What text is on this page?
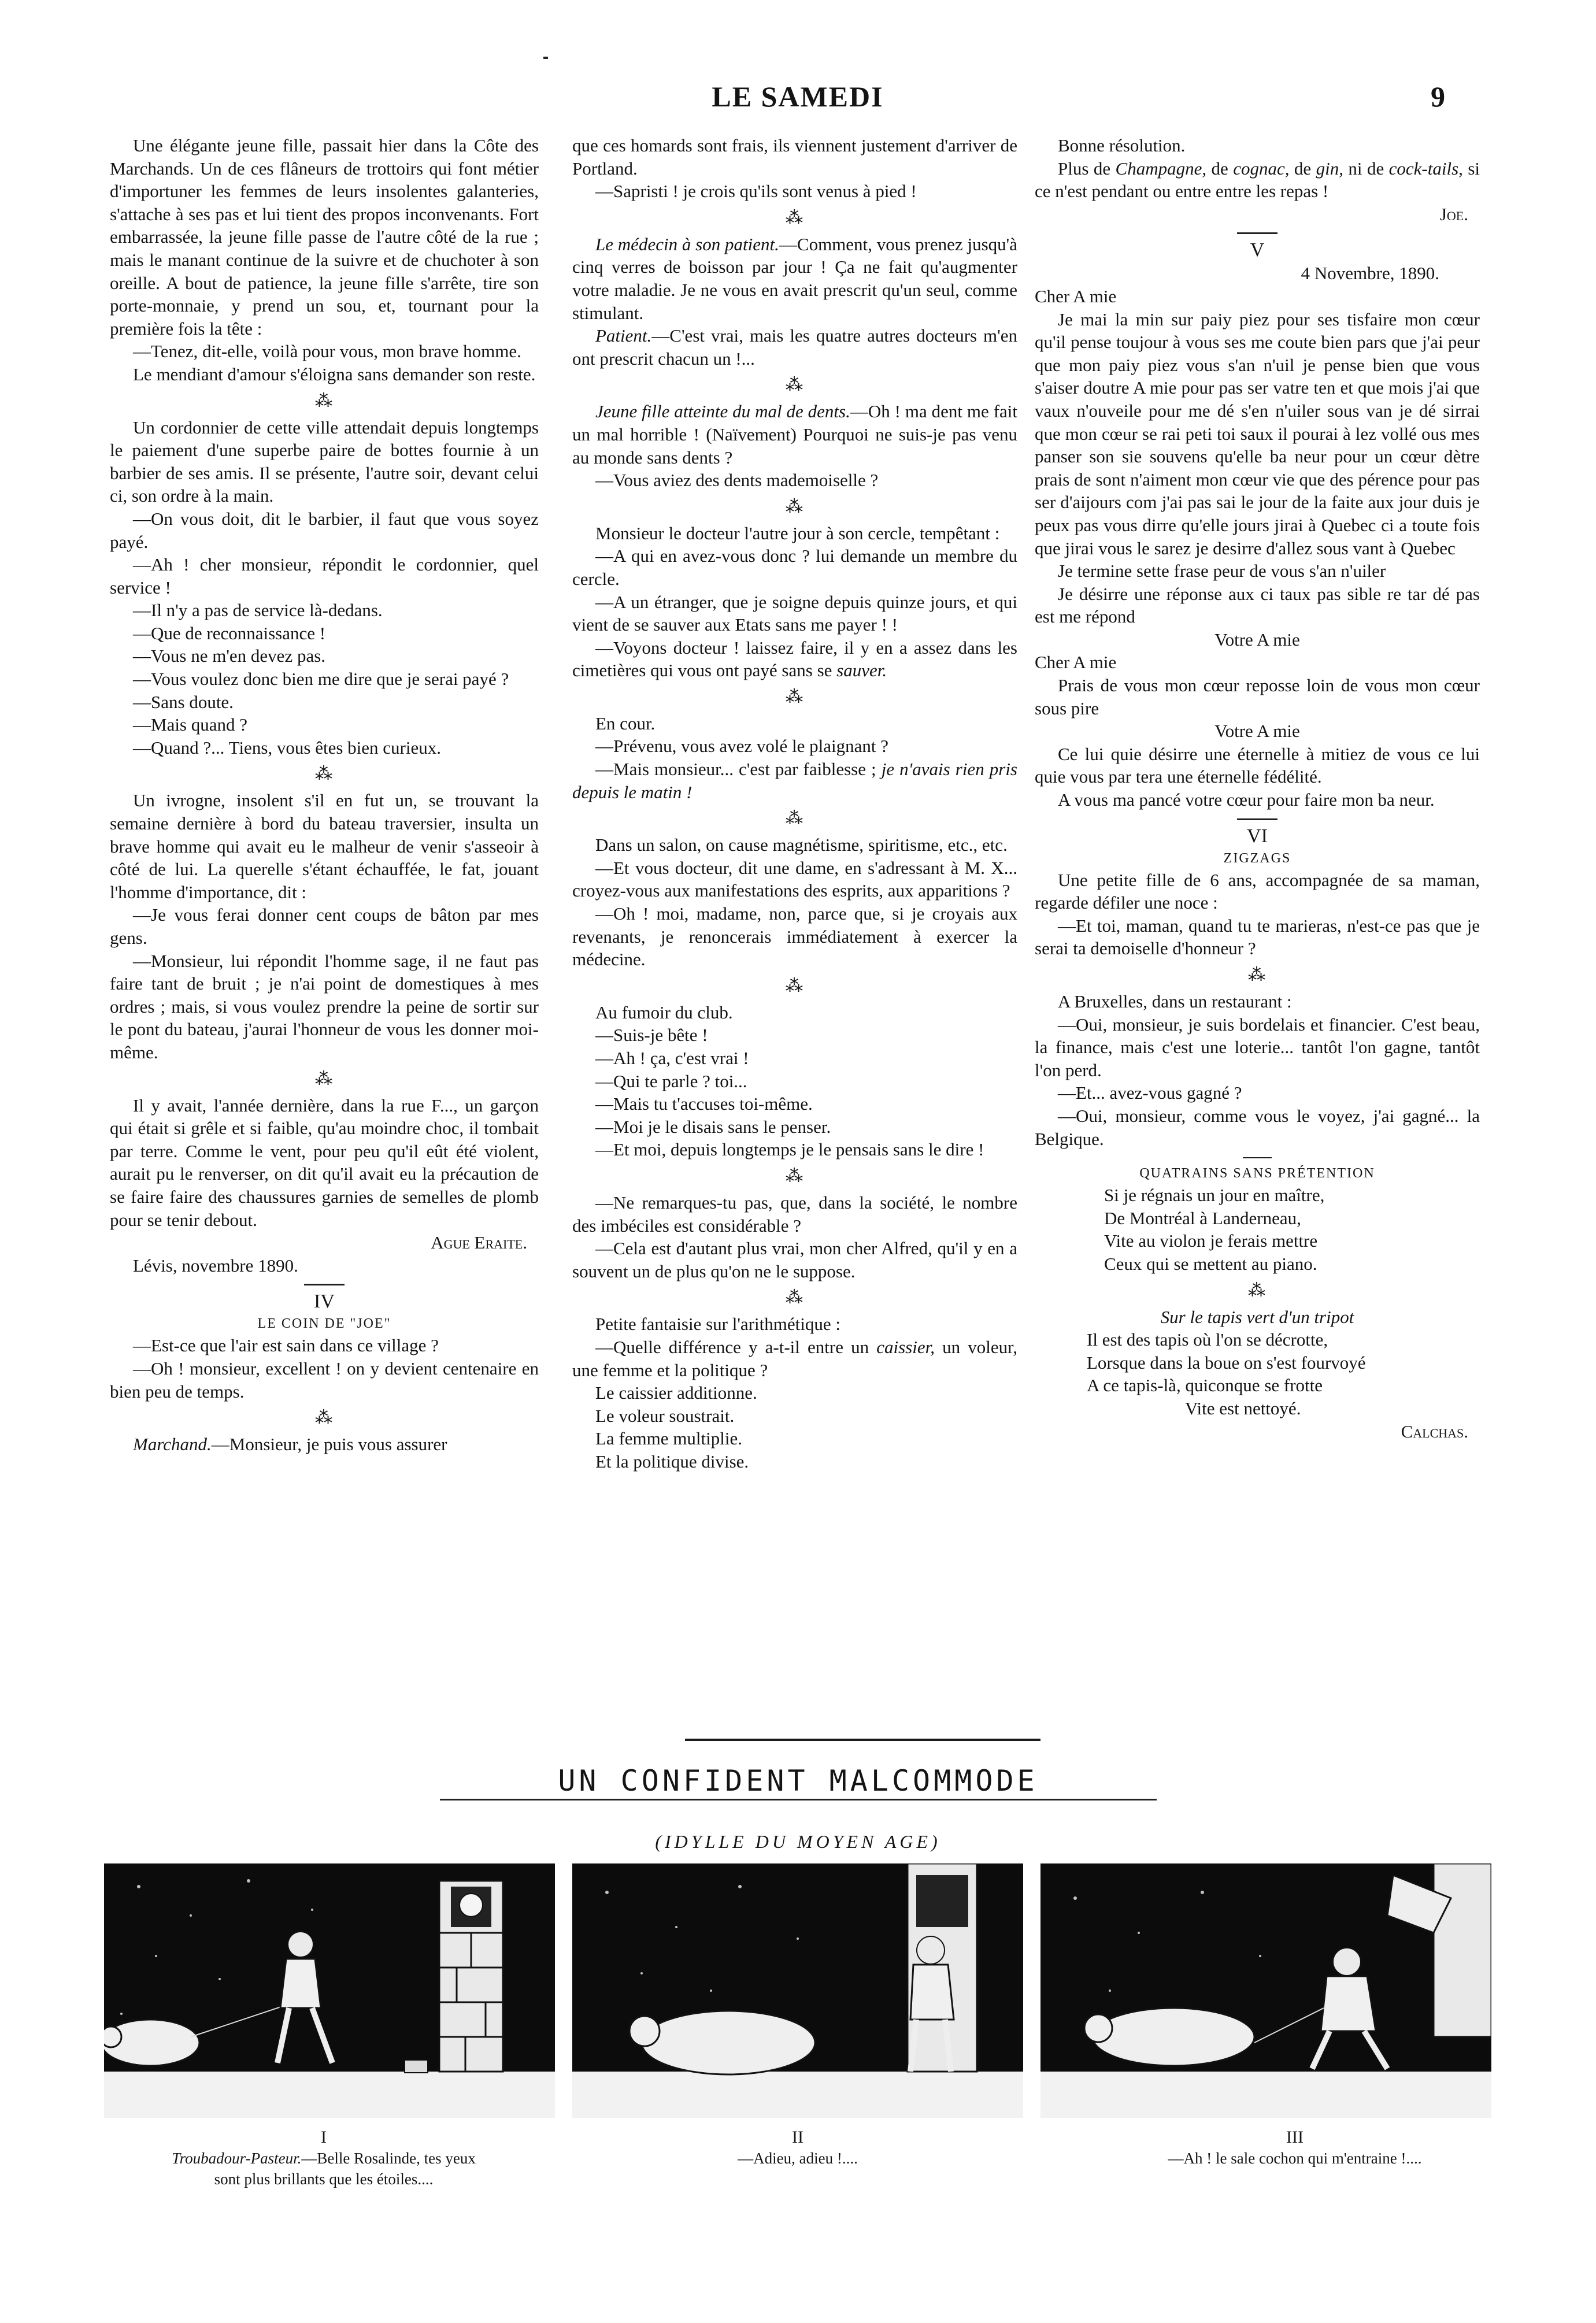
LE SAMEDI	9

Une élégante jeune fille, passait hier dans la Côte des Marchands. Un de ces flâneurs de trottoirs qui font métier d'importuner les femmes de leurs insolentes galanteries, s'attache à ses pas et lui tient des propos inconvenants. Fort embarrassée, la jeune fille passe de l'autre côté de la rue ; mais le manant continue de la suivre et de chuchoter à son oreille. A bout de patience, la jeune fille s'arrête, tire son porte-monnaie, y prend un sou, et, tournant pour la première fois la tête :

—Tenez, dit-elle, voilà pour vous, mon brave homme.

Le mendiant d'amour s'éloigna sans demander son reste.

⁂

Un cordonnier de cette ville attendait depuis longtemps le paiement d'une superbe paire de bottes fournie à un barbier de ses amis. Il se présente, l'autre soir, devant celui ci, son ordre à la main.

—On vous doit, dit le barbier, il faut que vous soyez payé.

—Ah ! cher monsieur, répondit le cordonnier, quel service !

—Il n'y a pas de service là-dedans.

—Que de reconnaissance !

—Vous ne m'en devez pas.

—Vous voulez donc bien me dire que je serai payé ?

—Sans doute.

—Mais quand ?

—Quand ?... Tiens, vous êtes bien curieux.

⁂

Un ivrogne, insolent s'il en fut un, se trouvant la semaine dernière à bord du bateau traversier, insulta un brave homme qui avait eu le malheur de venir s'asseoir à côté de lui. La querelle s'étant échauffée, le fat, jouant l'homme d'importance, dit :

—Je vous ferai donner cent coups de bâton par mes gens.

—Monsieur, lui répondit l'homme sage, il ne faut pas faire tant de bruit ; je n'ai point de domestiques à mes ordres ; mais, si vous voulez prendre la peine de sortir sur le pont du bateau, j'aurai l'honneur de vous les donner moi-même.

⁂

Il y avait, l'année dernière, dans la rue F..., un garçon qui était si grêle et si faible, qu'au moindre choc, il tombait par terre. Comme le vent, pour peu qu'il eût été violent, aurait pu le renverser, on dit qu'il avait eu la précaution de se faire faire des chaussures garnies de semelles de plomb pour se tenir debout.

Ague Eraite.

Lévis, novembre 1890.

IV
LE COIN DE "JOE"

—Est-ce que l'air est sain dans ce village ?

—Oh ! monsieur, excellent ! on y devient centenaire en bien peu de temps.

⁂

Marchand.—Monsieur, je puis vous assurer

que ces homards sont frais, ils viennent justement d'arriver de Portland.

—Sapristi ! je crois qu'ils sont venus à pied !

⁂

Le médecin à son patient.—Comment, vous prenez jusqu'à cinq verres de boisson par jour ! Ça ne fait qu'augmenter votre maladie. Je ne vous en avait prescrit qu'un seul, comme stimulant.

Patient.—C'est vrai, mais les quatre autres docteurs m'en ont prescrit chacun un !...

⁂

Jeune fille atteinte du mal de dents.—Oh ! ma dent me fait un mal horrible ! (Naïvement) Pourquoi ne suis-je pas venu au monde sans dents ?

—Vous aviez des dents mademoiselle ?

⁂

Monsieur le docteur l'autre jour à son cercle, tempêtant :

—A qui en avez-vous donc ? lui demande un membre du cercle.

—A un étranger, que je soigne depuis quinze jours, et qui vient de se sauver aux Etats sans me payer ! !

—Voyons docteur ! laissez faire, il y en a assez dans les cimetières qui vous ont payé sans se sauver.

⁂

En cour.

—Prévenu, vous avez volé le plaignant ?

—Mais monsieur... c'est par faiblesse ; je n'avais rien pris depuis le matin !

⁂

Dans un salon, on cause magnétisme, spiritisme, etc., etc.

—Et vous docteur, dit une dame, en s'adressant à M. X... croyez-vous aux manifestations des esprits, aux apparitions ?

—Oh ! moi, madame, non, parce que, si je croyais aux revenants, je renoncerais immédiatement à exercer la médecine.

⁂

Au fumoir du club.

—Suis-je bête !

—Ah ! ça, c'est vrai !

—Qui te parle ? toi...

—Mais tu t'accuses toi-même.

—Moi je le disais sans le penser.

—Et moi, depuis longtemps je le pensais sans le dire !

⁂

—Ne remarques-tu pas, que, dans la société, le nombre des imbéciles est considérable ?

—Cela est d'autant plus vrai, mon cher Alfred, qu'il y en a souvent un de plus qu'on ne le suppose.

⁂

Petite fantaisie sur l'arithmétique :

—Quelle différence y a-t-il entre un caissier, un voleur, une femme et la politique ?

Le caissier additionne.

Le voleur soustrait.

La femme multiplie.

Et la politique divise.

Bonne résolution.

Plus de Champagne, de cognac, de gin, ni de cock-tails, si ce n'est pendant ou entre entre les repas !

Joe.

V

4 Novembre, 1890.

Cher A mie

Je mai la min sur paiy piez pour ses tisfaire mon cœur qu'il pense toujour à vous ses me coute bien pars que j'ai peur que mon paiy piez vous s'an n'uil je pense bien que vous s'aiser doutre A mie pour pas ser vatre ten et que mois j'ai que vaux n'ouveile pour me dé s'en n'uiler sous van je dé sirrai que mon cœur se rai peti toi saux il pourai à lez vollé ous mes panser son sie souvens qu'elle ba neur pour un cœur dètre prais de sont n'aiment mon cœur vie que des pérence pour pas ser d'aijours com j'ai pas sai le jour de la faite aux jour duis je peux pas vous dirre qu'elle jours jirai à Quebec ci a toute fois que jirai vous le sarez je desirre d'allez sous vant à Quebec

Je termine sette frase peur de vous s'an n'uiler

Je désirre une réponse aux ci taux pas sible re tar dé pas est me répond

Votre A mie

Cher A mie

Prais de vous mon cœur reposse loin de vous mon cœur sous pire

Votre A mie

Ce lui quie désirre une éternelle à mitiez de vous ce lui quie vous par tera une éternelle fédélité.

A vous ma pancé votre cœur pour faire mon ba neur.

VI
ZIGZAGS

Une petite fille de 6 ans, accompagnée de sa maman, regarde défiler une noce :

—Et toi, maman, quand tu te marieras, n'est-ce pas que je serai ta demoiselle d'honneur ?

⁂

A Bruxelles, dans un restaurant :

—Oui, monsieur, je suis bordelais et financier. C'est beau, la finance, mais c'est une loterie... tantôt l'on gagne, tantôt l'on perd.

—Et... avez-vous gagné ?

—Oui, monsieur, comme vous le voyez, j'ai gagné... la Belgique.

QUATRAINS SANS PRÉTENTION

Si je régnais un jour en maître,

De Montréal à Landerneau,

Vite au violon je ferais mettre

Ceux qui se mettent au piano.

⁂

Sur le tapis vert d'un tripot

Il est des tapis où l'on se décrotte,

Lorsque dans la boue on s'est fourvoyé

A ce tapis-là, quiconque se frotte

Vite est nettoyé.

Calchas.

UN CONFIDENT MALCOMMODE
(IDYLLE DU MOYEN AGE)
I
Troubadour-Pasteur.—Belle Rosalinde, tes yeux sont plus brillants que les étoiles....
II
—Adieu, adieu !....
III
—Ah ! le sale cochon qui m'entraine !....
